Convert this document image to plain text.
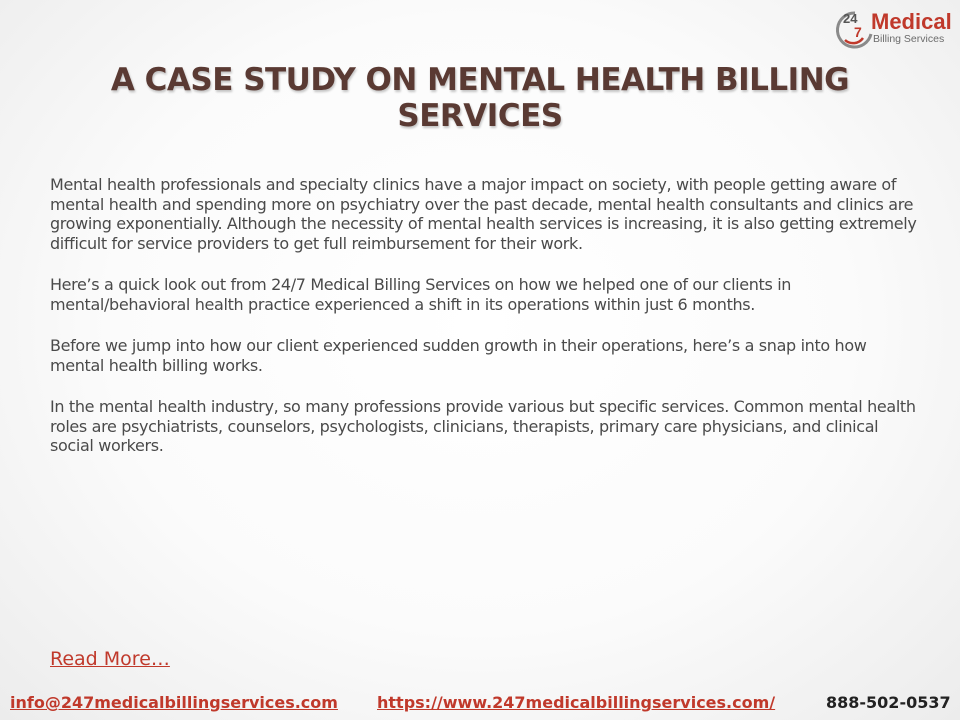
24
7 Medical
Billing Services
A CASE STUDY ON MENTAL HEALTH BILLING SERVICES

Mental health professionals and specialty clinics have a major impact on society, with people getting aware of mental health and spending more on psychiatry over the past decade, mental health consultants and clinics are growing exponentially. Although the necessity of mental health services is increasing, it is also getting extremely difficult for service providers to get full reimbursement for their work.

Here’s a quick look out from 24/7 Medical Billing Services on how we helped one of our clients in mental/behavioral health practice experienced a shift in its operations within just 6 months.

Before we jump into how our client experienced sudden growth in their operations, here’s a snap into how mental health billing works.

In the mental health industry, so many professions provide various but specific services. Common mental health roles are psychiatrists, counselors, psychologists, clinicians, therapists, primary care physicians, and clinical social workers.

Read More…
info@247medicalbillingservices.com https://www.247medicalbillingservices.com/	888-502-0537
